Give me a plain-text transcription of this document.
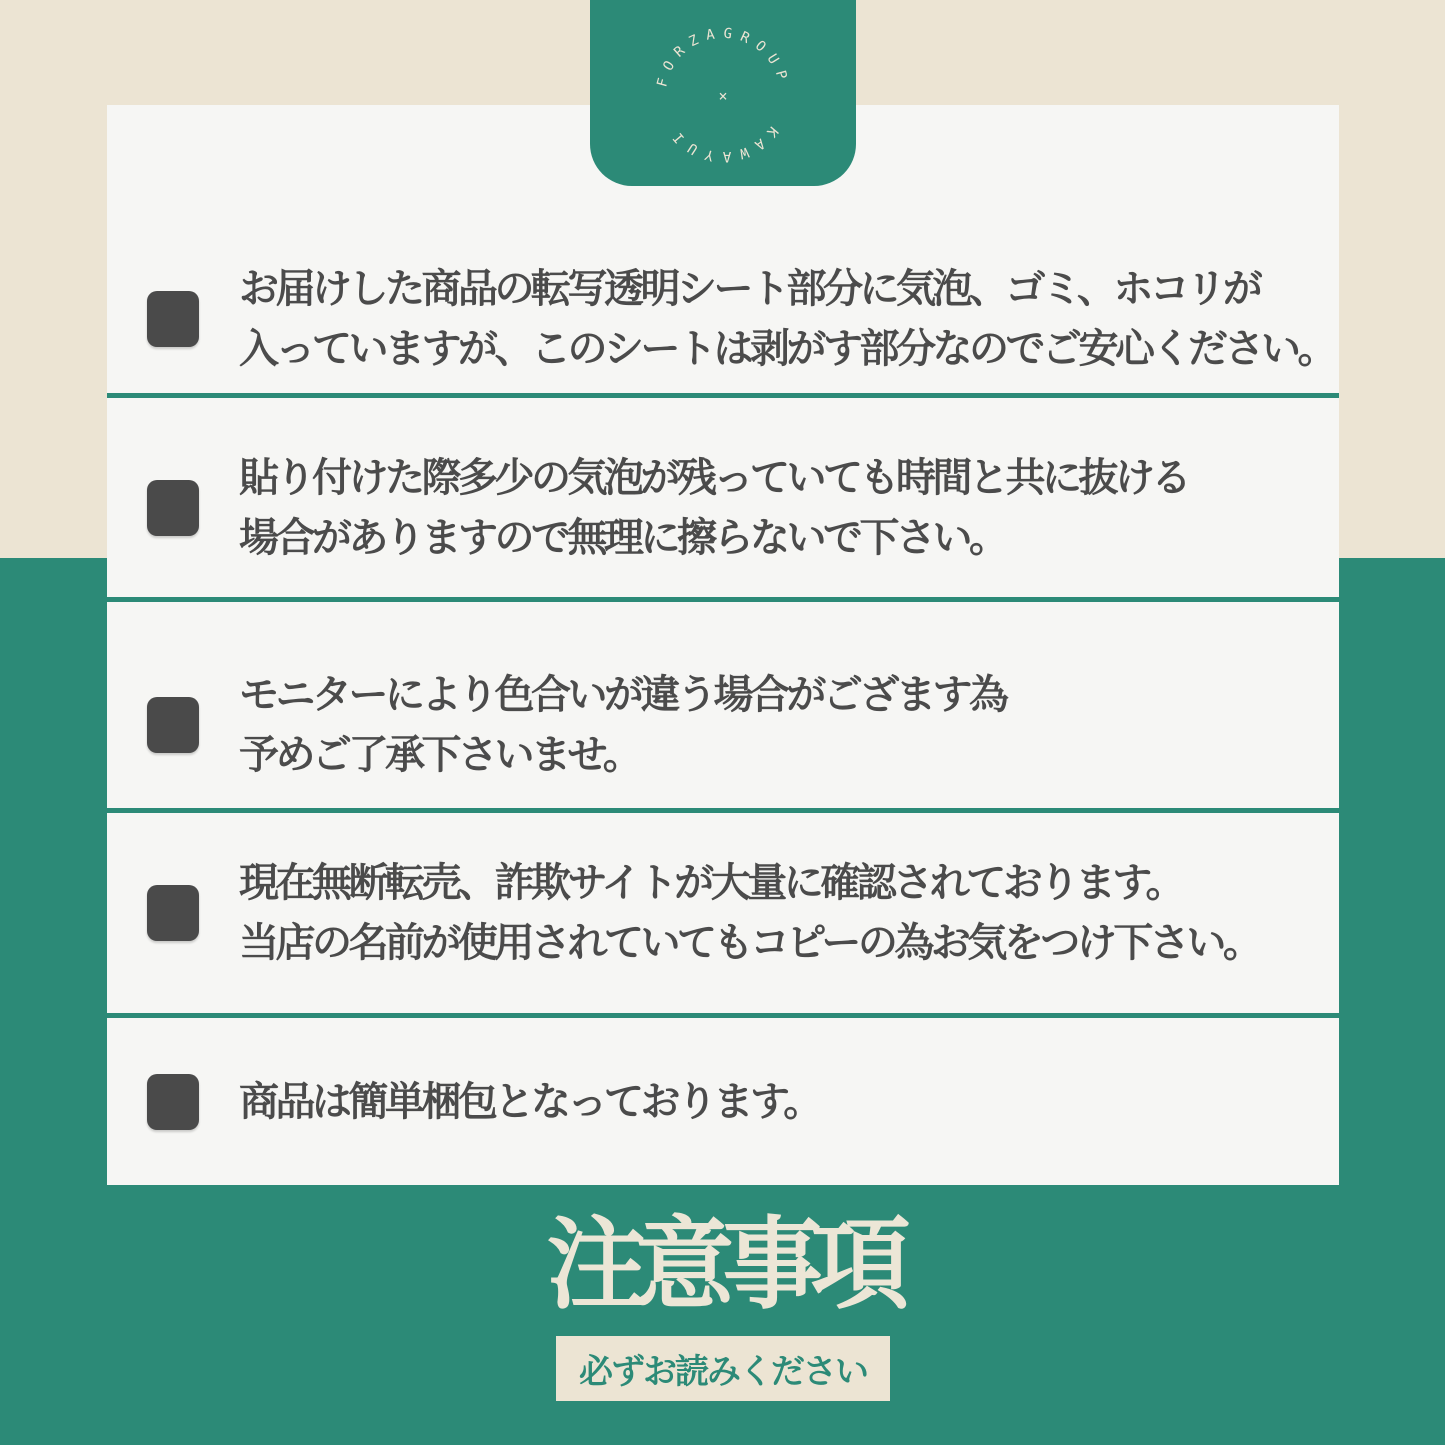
お届けした商品の転写透明シート部分に気泡、ゴミ、ホコリが
入っていますが、このシートは剥がす部分なのでご安心ください。
貼り付けた際多少の気泡が残っていても時間と共に抜ける
場合がありますので無理に擦らないで下さい。
モニターにより色合いが違う場合がござます為
予めご了承下さいませ。
現在無断転売、詐欺サイトが大量に確認されております。
当店の名前が使用されていてもコピーの為お気をつけ下さい。
商品は簡単梱包となっております。
FORZAGROUP
KAWAYUI
×
注意事項
必ずお読みください
